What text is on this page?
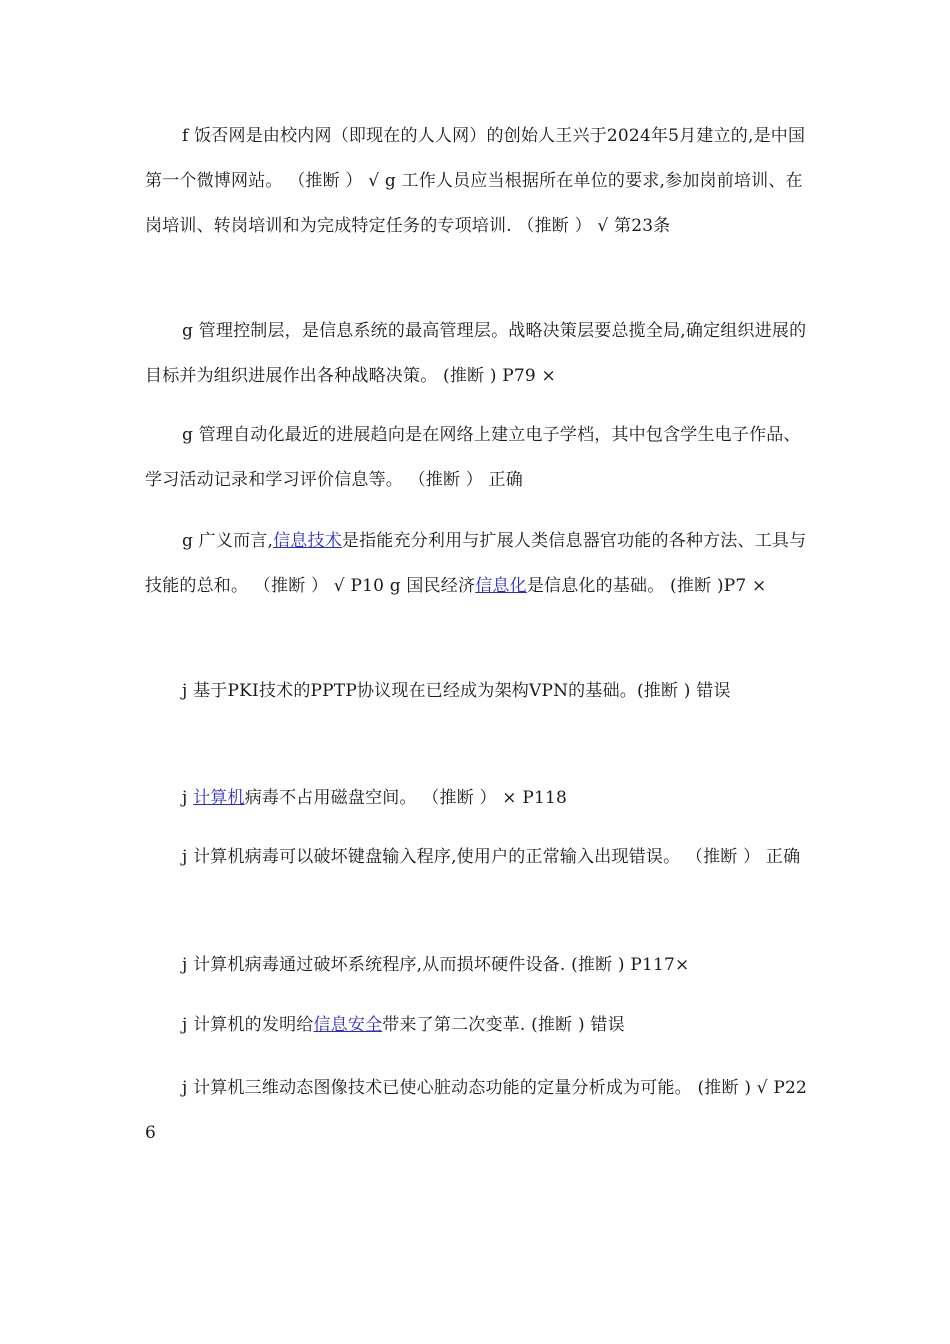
f 饭否网是由校内网（即现在的人人网）的创始人王兴于2024年5月建立的,是中国第一个微博网站。 （推断 ） √ g 工作人员应当根据所在单位的要求,参加岗前培训、在岗培训、转岗培训和为完成特定任务的专项培训. （推断 ） √ 第23条

g 管理控制层，是信息系统的最高管理层。战略决策层要总揽全局,确定组织进展的目标并为组织进展作出各种战略决策。 (推断 ) P79 ×

g 管理自动化最近的进展趋向是在网络上建立电子学档，其中包含学生电子作品、学习活动记录和学习评价信息等。 （推断 ） 正确

g 广义而言,信息技术是指能充分利用与扩展人类信息器官功能的各种方法、工具与技能的总和。 （推断 ） √ P10 g 国民经济信息化是信息化的基础。 (推断 )P7 ×

j 基于PKI技术的PPTP协议现在已经成为架构VPN的基础。(推断 ) 错误

j 计算机病毒不占用磁盘空间。 （推断 ） × P118

j 计算机病毒可以破坏键盘输入程序,使用户的正常输入出现错误。 （推断 ） 正确

j 计算机病毒通过破坏系统程序,从而损坏硬件设备. (推断 ) P117×

j 计算机的发明给信息安全带来了第二次变革. (推断 ) 错误

j 计算机三维动态图像技术已使心脏动态功能的定量分析成为可能。 (推断 ) √ P226
